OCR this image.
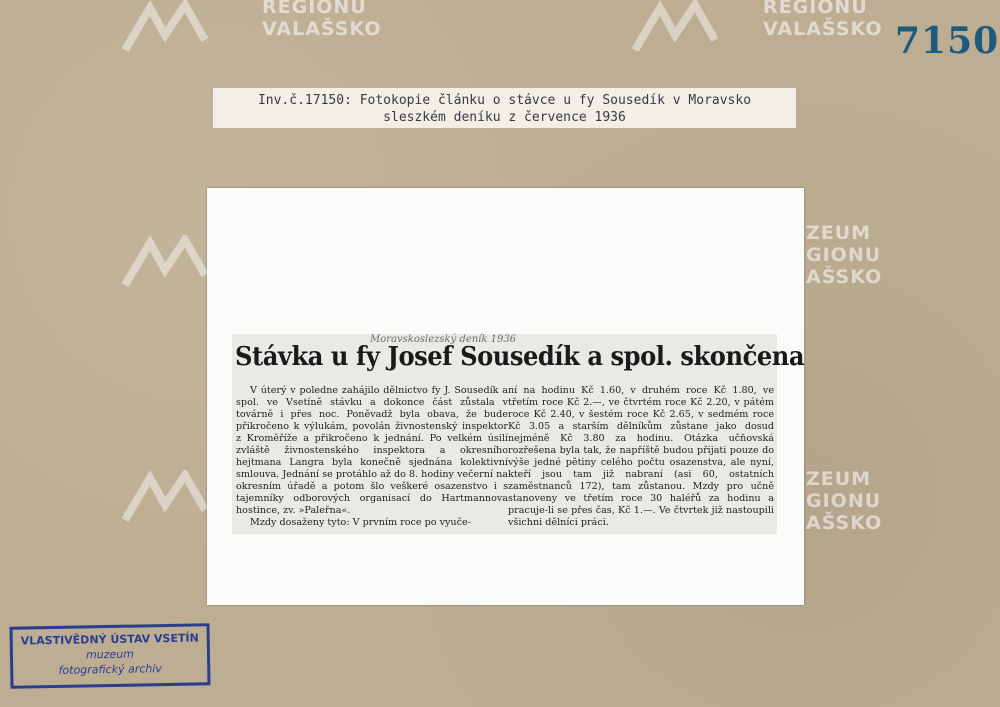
REGIONU
VALAŠSKO
REGIONU
VALAŠSKO
ZEUM
GIONU
AŠSKO
ZEUM
GIONU
AŠSKO
7150
Inv.č.17150: Fotokopie článku o stávce u fy Sousedík v Moravsko
sleszkém deníku z července 1936
Moravskoslezský deník 1936
Stávka u fy Josef Sousedík a spol. skončena

V úterý v poledne zahájilo dělnictvo fy J. Sousedík a spol. ve Vsetíně stávku a dokonce část zůstala v továrně i přes noc. Poněvadž byla obava, že bude přikročeno k výlukám, povolán živnostenský inspektor z Kroměříže a přikročeno k jednání. Po velkém úsilí zvláště živnostenského inspektora a okresního hejtmana Langra byla konečně sjednána kolektivní smlouva. Jednání se protáhlo až do 8. hodiny večerní na okresním úřadě a potom šlo veškeré osazenstvo i s tajemníky odborových organisací do Hartmannova hostince, zv. »Paleřna«.

Mzdy dosaženy tyto: V prvním roce po vyuče-

ní na hodinu Kč 1.60, v druhém roce Kč 1.80, ve třetím roce Kč 2.—, ve čtvrtém roce Kč 2.20, v pátém roce Kč 2.40, v šestém roce Kč 2.65, v sedmém roce Kč 3.05 a starším dělníkům zůstane jako dosud nejméně Kč 3.80 za hodinu. Otázka učňovská rozřešena byla tak, že napříště budou přijati pouze do výše jedné pětiny celého počtu osazenstva, ale nyní, kteří jsou tam již nabraní (asi 60, ostatních zaměstnanců 172), tam zůstanou. Mzdy pro učně stanoveny ve třetím roce 30 haléřů za hodinu a pracuje-li se přes čas, Kč 1.—. Ve čtvrtek již nastoupili všichni dělníci práci.

VLASTIVĚDNÝ ÚSTAV VSETÍN
muzeum
fotografický archiv
